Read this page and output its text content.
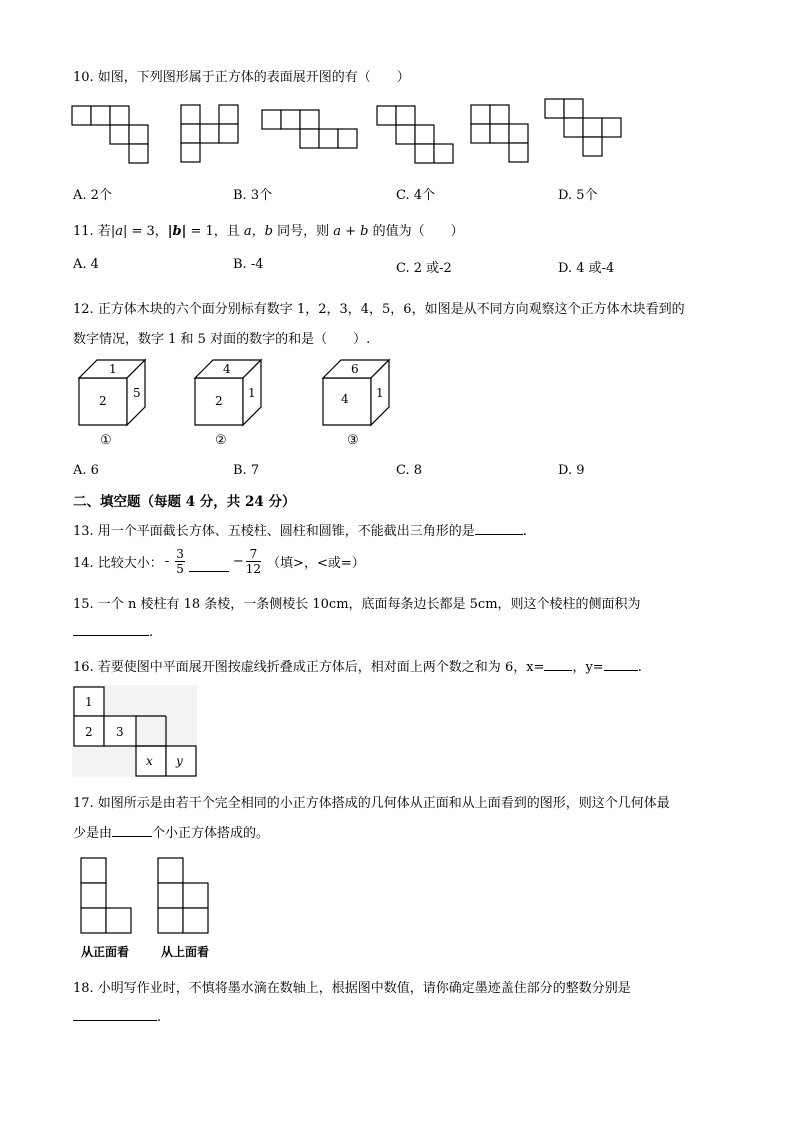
10. 如图，下列图形属于正方体的表面展开图的有（　　）
A. 2个	B. 3个	C. 4个	D. 5个
11. 若|a| = 3，|b| = 1，且 a，b 同号，则 a + b 的值为（　　）
A. 4	B. -4	C. 2 或-2	D. 4 或-4
12. 正方体木块的六个面分别标有数字 1，2，3，4，5，6，如图是从不同方向观察这个正方体木块看到的
数字情况，数字 1 和 5 对面的数字的和是（　　）.
1
2
5
①
4
2
1
②
6
4 1
③
A. 6	B. 7	C. 8	D. 9
二、填空题（每题 4 分，共 24 分）
13. 用一个平面截长方体、五棱柱、圆柱和圆锥，不能截出三角形的是	.
14. 比较大小： - $\frac{3}{5}$	− $\frac{7}{12}$ （填>，<或=）
15. 一个 n 棱柱有 18 条棱，一条侧棱长 10cm，底面每条边长都是 5cm，则这个棱柱的侧面积为
.
16. 若要使图中平面展开图按虚线折叠成正方体后，相对面上两个数之和为 6，x= ，y=	.
1
2 3
x y
17. 如图所示是由若干个完全相同的小正方体搭成的几何体从正面和从上面看到的图形，则这个几何体最
少是由	个小正方体搭成的。
从正面看	从上面看
18. 小明写作业时，不慎将墨水滴在数轴上，根据图中数值，请你确定墨迹盖住部分的整数分别是
.
